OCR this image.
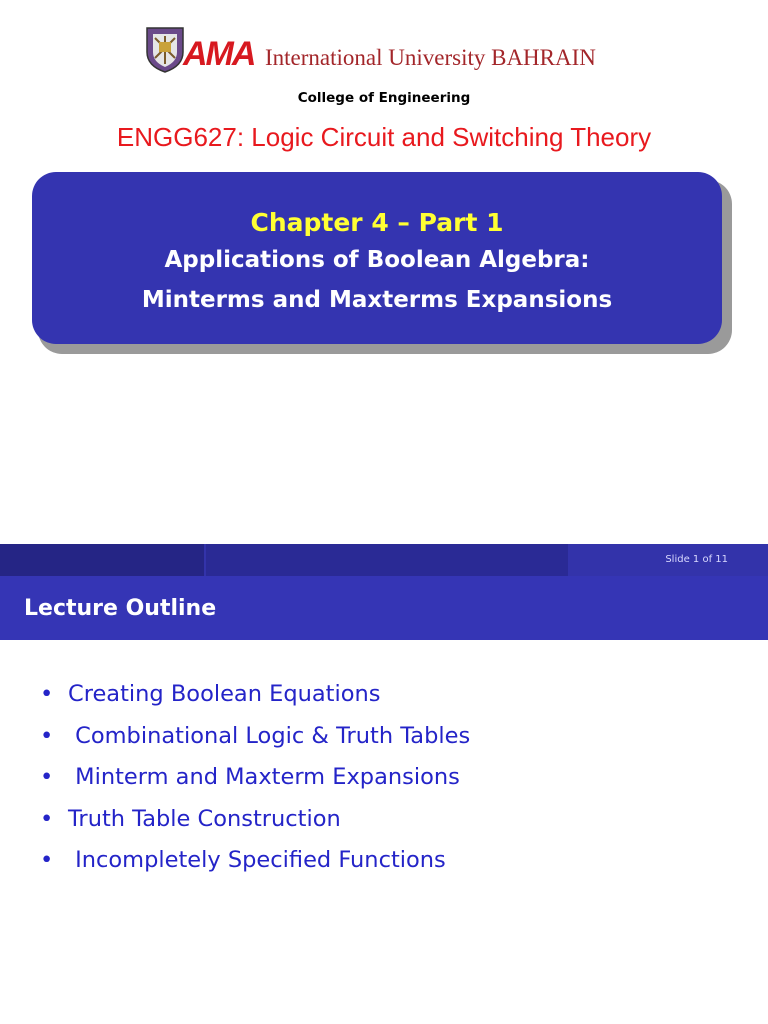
AMA International University BAHRAIN
College of Engineering
ENGG627: Logic Circuit and Switching Theory
Chapter 4 – Part 1
Applications of Boolean Algebra:
Minterms and Maxterms Expansions
Slide 1 of 11
Lecture Outline
• Creating Boolean Equations
• Combinational Logic & Truth Tables
• Minterm and Maxterm Expansions
• Truth Table Construction
• Incompletely Specified Functions
